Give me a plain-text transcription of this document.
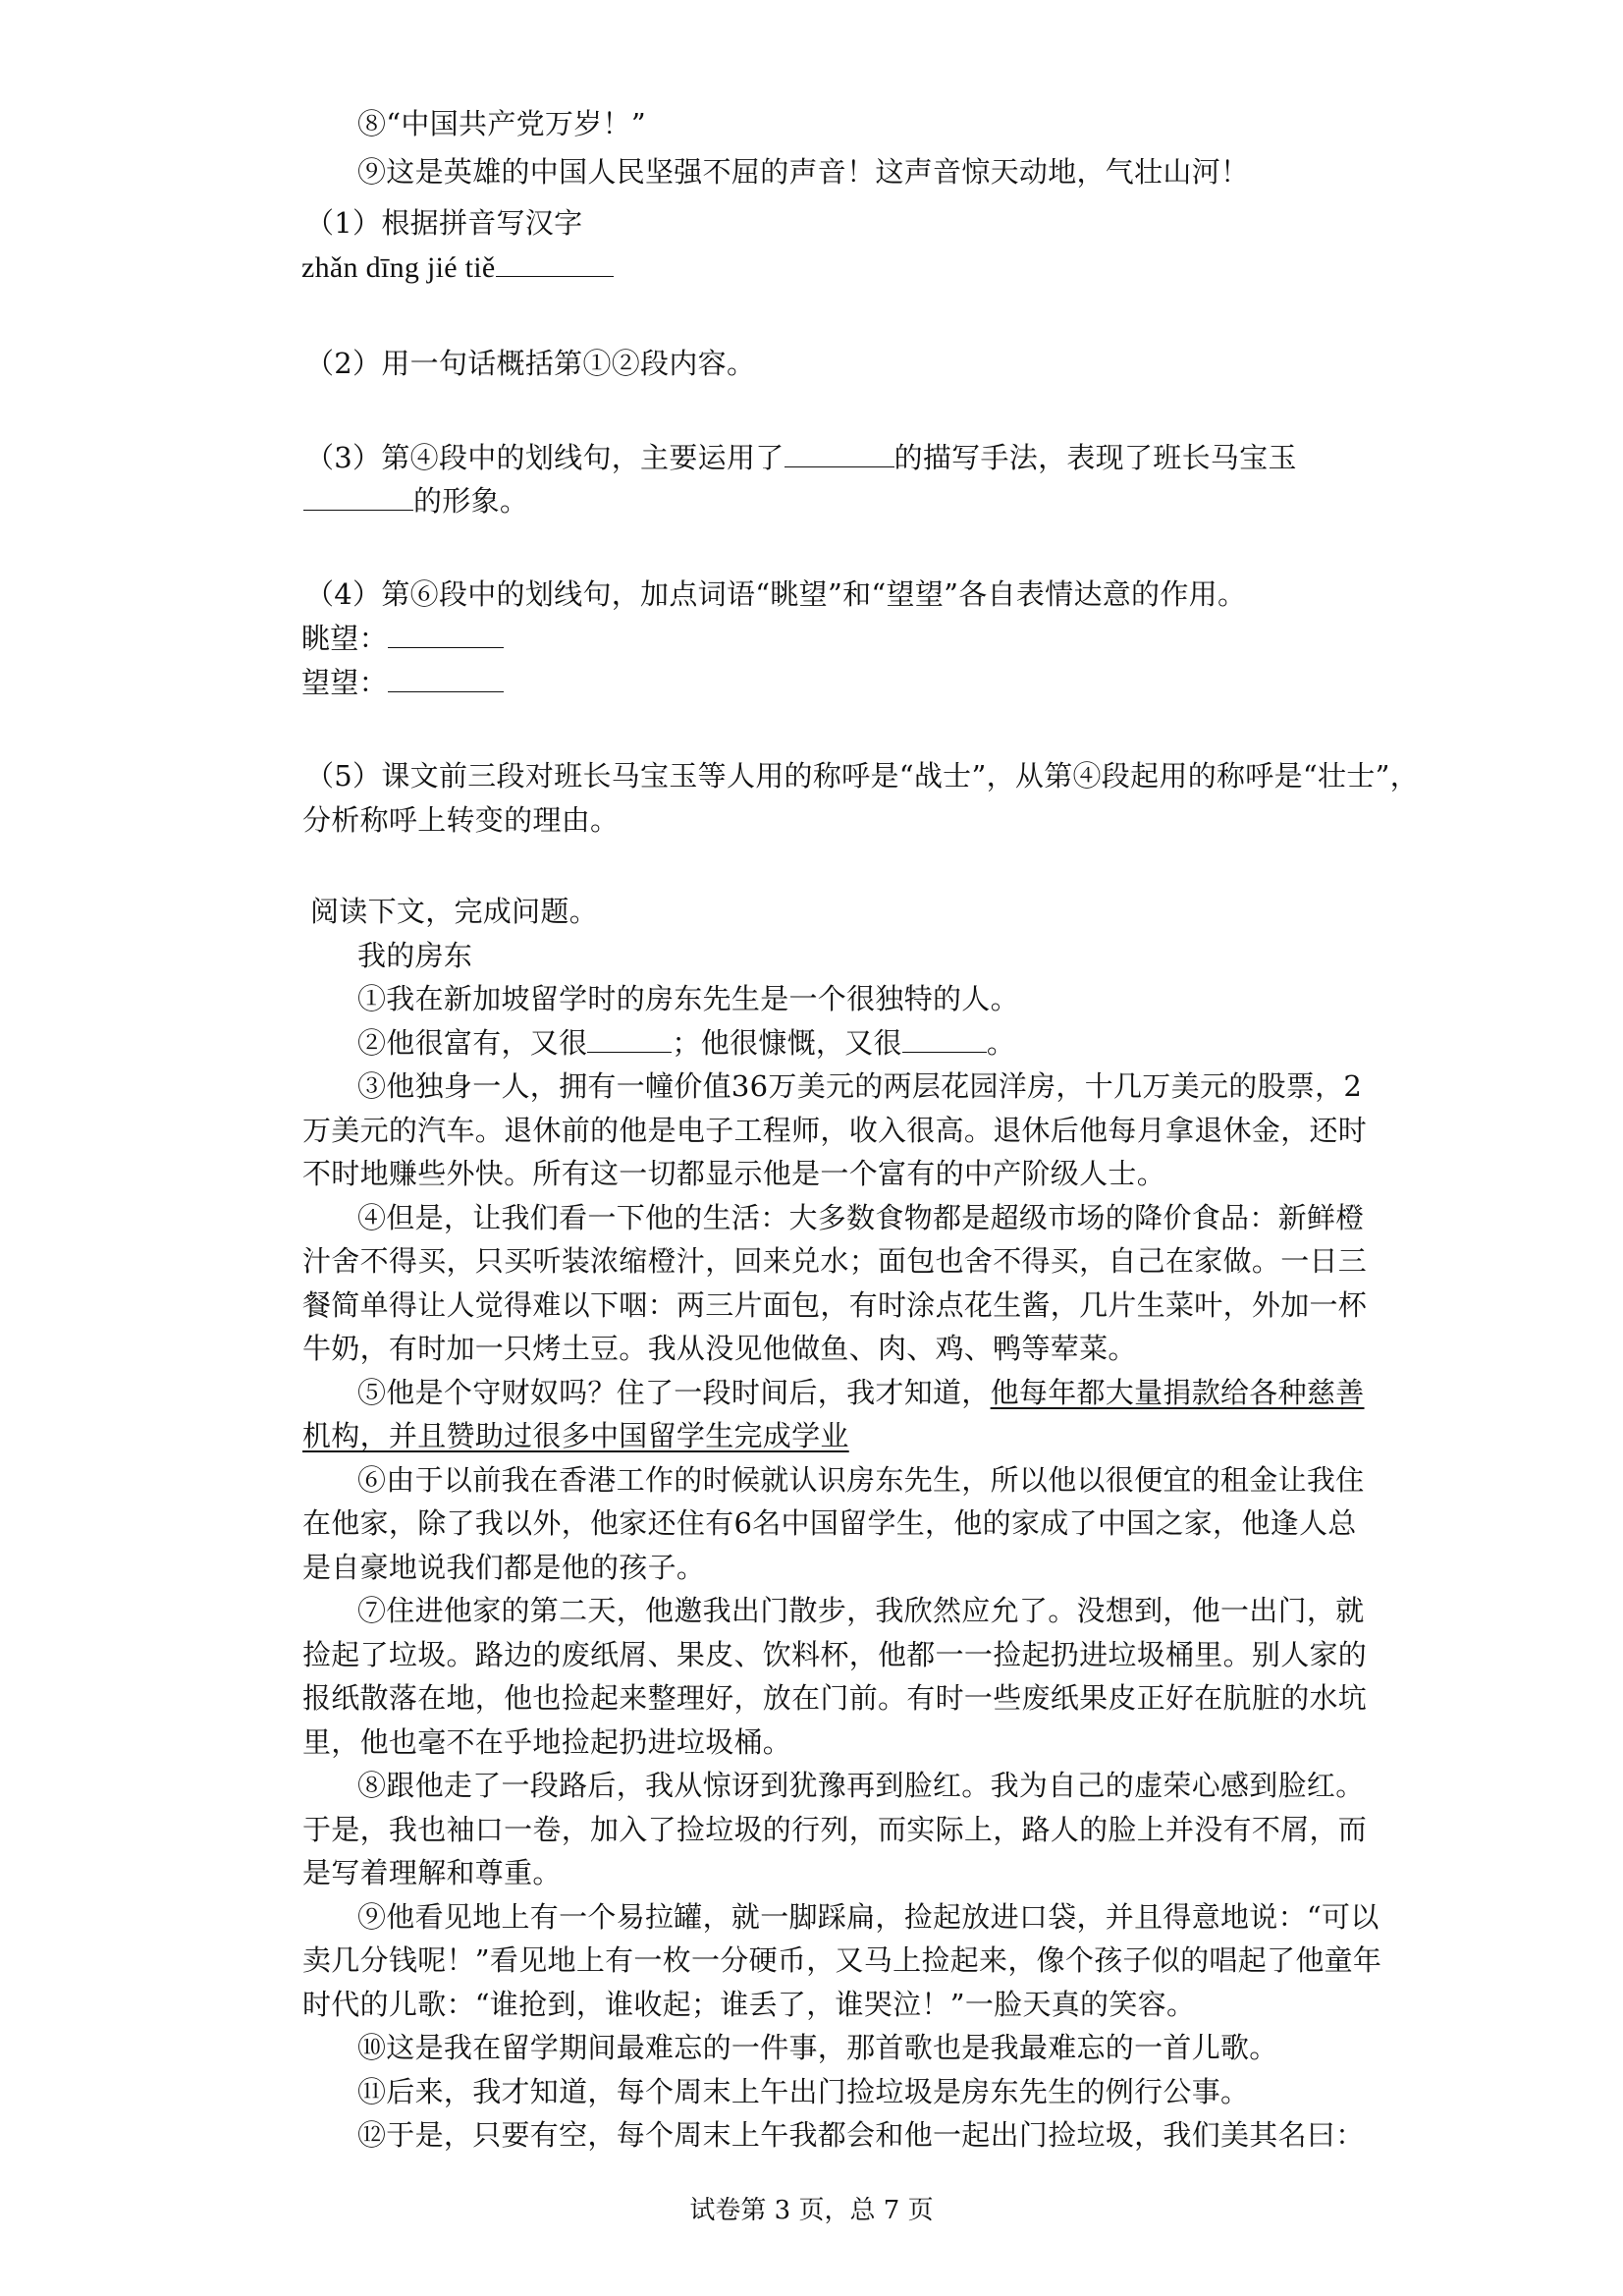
⑧“中国共产党万岁！”
⑨这是英雄的中国人民坚强不屈的声音！这声音惊天动地，气壮山河！
（1）根据拼音写汉字
zhǎn dīng jié tiě
（2）用一句话概括第①②段内容。
（3）第④段中的划线句，主要运用了	的描写手法，表现了班长马宝玉
的形象。
（4）第⑥段中的划线句，加点词语“眺望”和“望望”各自表情达意的作用。
眺望：
望望：
（5）课文前三段对班长马宝玉等人用的称呼是“战士”，从第④段起用的称呼是“壮士”，
分析称呼上转变的理由。
阅读下文，完成问题。
我的房东
①我在新加坡留学时的房东先生是一个很独特的人。
②他很富有，又很	；他很慷慨，又很	。
③他独身一人，拥有一幢价值36万美元的两层花园洋房，十几万美元的股票，2
万美元的汽车。退休前的他是电子工程师，收入很高。退休后他每月拿退休金，还时
不时地赚些外快。所有这一切都显示他是一个富有的中产阶级人士。
④但是，让我们看一下他的生活：大多数食物都是超级市场的降价食品：新鲜橙
汁舍不得买，只买听装浓缩橙汁，回来兑水；面包也舍不得买，自己在家做。一日三
餐简单得让人觉得难以下咽：两三片面包，有时涂点花生酱，几片生菜叶，外加一杯
牛奶，有时加一只烤土豆。我从没见他做鱼、肉、鸡、鸭等荤菜。
⑤他是个守财奴吗？住了一段时间后，我才知道，他每年都大量捐款给各种慈善
机构，并且赞助过很多中国留学生完成学业
⑥由于以前我在香港工作的时候就认识房东先生，所以他以很便宜的租金让我住
在他家，除了我以外，他家还住有6名中国留学生，他的家成了中国之家，他逢人总
是自豪地说我们都是他的孩子。
⑦住进他家的第二天，他邀我出门散步，我欣然应允了。没想到，他一出门，就
捡起了垃圾。路边的废纸屑、果皮、饮料杯，他都一一捡起扔进垃圾桶里。别人家的
报纸散落在地，他也捡起来整理好，放在门前。有时一些废纸果皮正好在肮脏的水坑
里，他也毫不在乎地捡起扔进垃圾桶。
⑧跟他走了一段路后，我从惊讶到犹豫再到脸红。我为自己的虚荣心感到脸红。
于是，我也袖口一卷，加入了捡垃圾的行列，而实际上，路人的脸上并没有不屑，而
是写着理解和尊重。
⑨他看见地上有一个易拉罐，就一脚踩扁，捡起放进口袋，并且得意地说：“可以
卖几分钱呢！”看见地上有一枚一分硬币，又马上捡起来，像个孩子似的唱起了他童年
时代的儿歌：“谁抢到，谁收起；谁丢了，谁哭泣！”一脸天真的笑容。
⑩这是我在留学期间最难忘的一件事，那首歌也是我最难忘的一首儿歌。
⑪后来，我才知道，每个周末上午出门捡垃圾是房东先生的例行公事。
⑫于是，只要有空，每个周末上午我都会和他一起出门捡垃圾，我们美其名曰：
试卷第 3 页，总 7 页
